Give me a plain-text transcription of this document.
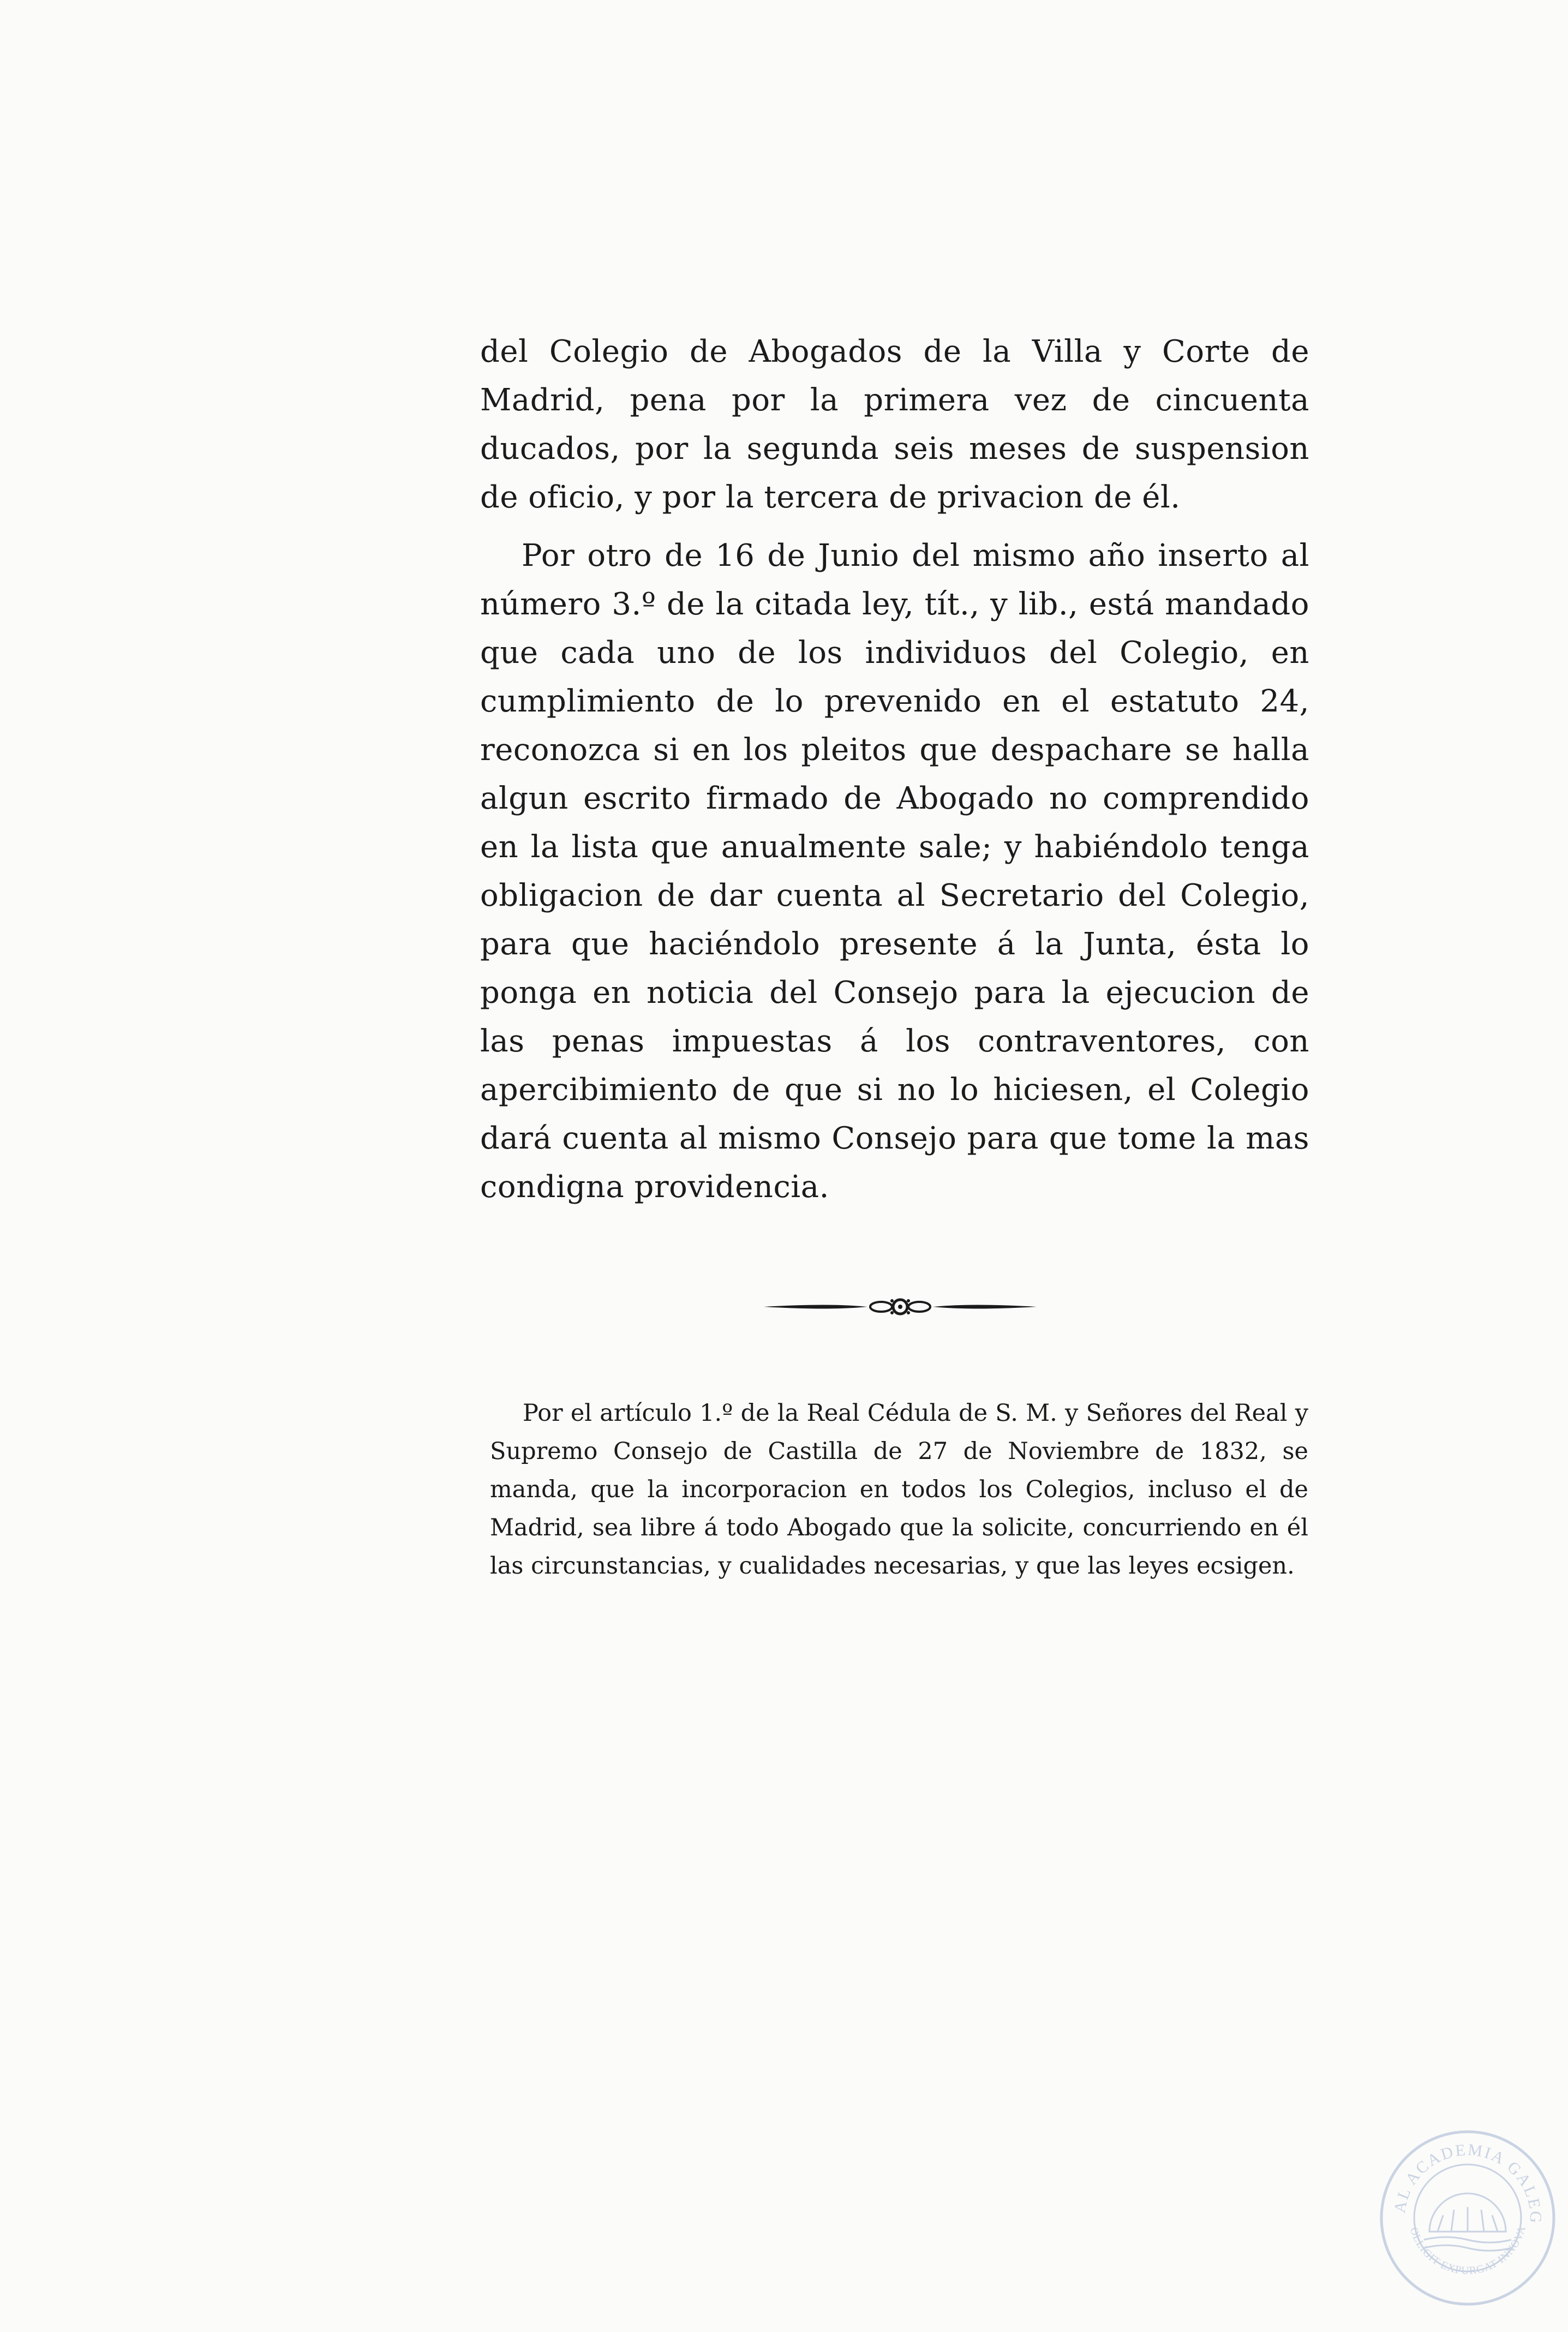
del Colegio de Abogados de la Villa y Corte de Madrid, pena por la primera vez de cincuenta ducados, por la segunda seis meses de suspension de oficio, y por la tercera de privacion de él.

Por otro de 16 de Junio del mismo año inserto al número 3.º de la citada ley, tít., y lib., está mandado que cada uno de los individuos del Colegio, en cumplimiento de lo prevenido en el estatuto 24, reconozca si en los pleitos que despachare se halla algun escrito firmado de Abogado no comprendido en la lista que anualmente sale; y habiéndolo tenga obligacion de dar cuenta al Secretario del Colegio, para que haciéndolo presente á la Junta, ésta lo ponga en noticia del Consejo para la ejecucion de las penas impuestas á los contraventores, con apercibimiento de que si no lo hiciesen, el Colegio dará cuenta al mismo Consejo para que tome la mas condigna providencia.

Por el artículo 1.º de la Real Cédula de S. M. y Señores del Real y Supremo Consejo de Castilla de 27 de Noviembre de 1832, se manda, que la incorporacion en todos los Colegios, incluso el de Madrid, sea libre á todo Abogado que la solicite, concurriendo en él las circunstancias, y cualidades necesarias, y que las leyes ecsigen.

AL ACADEMIA GALEG
OLLIGIT EXPURGAT INNOVA
